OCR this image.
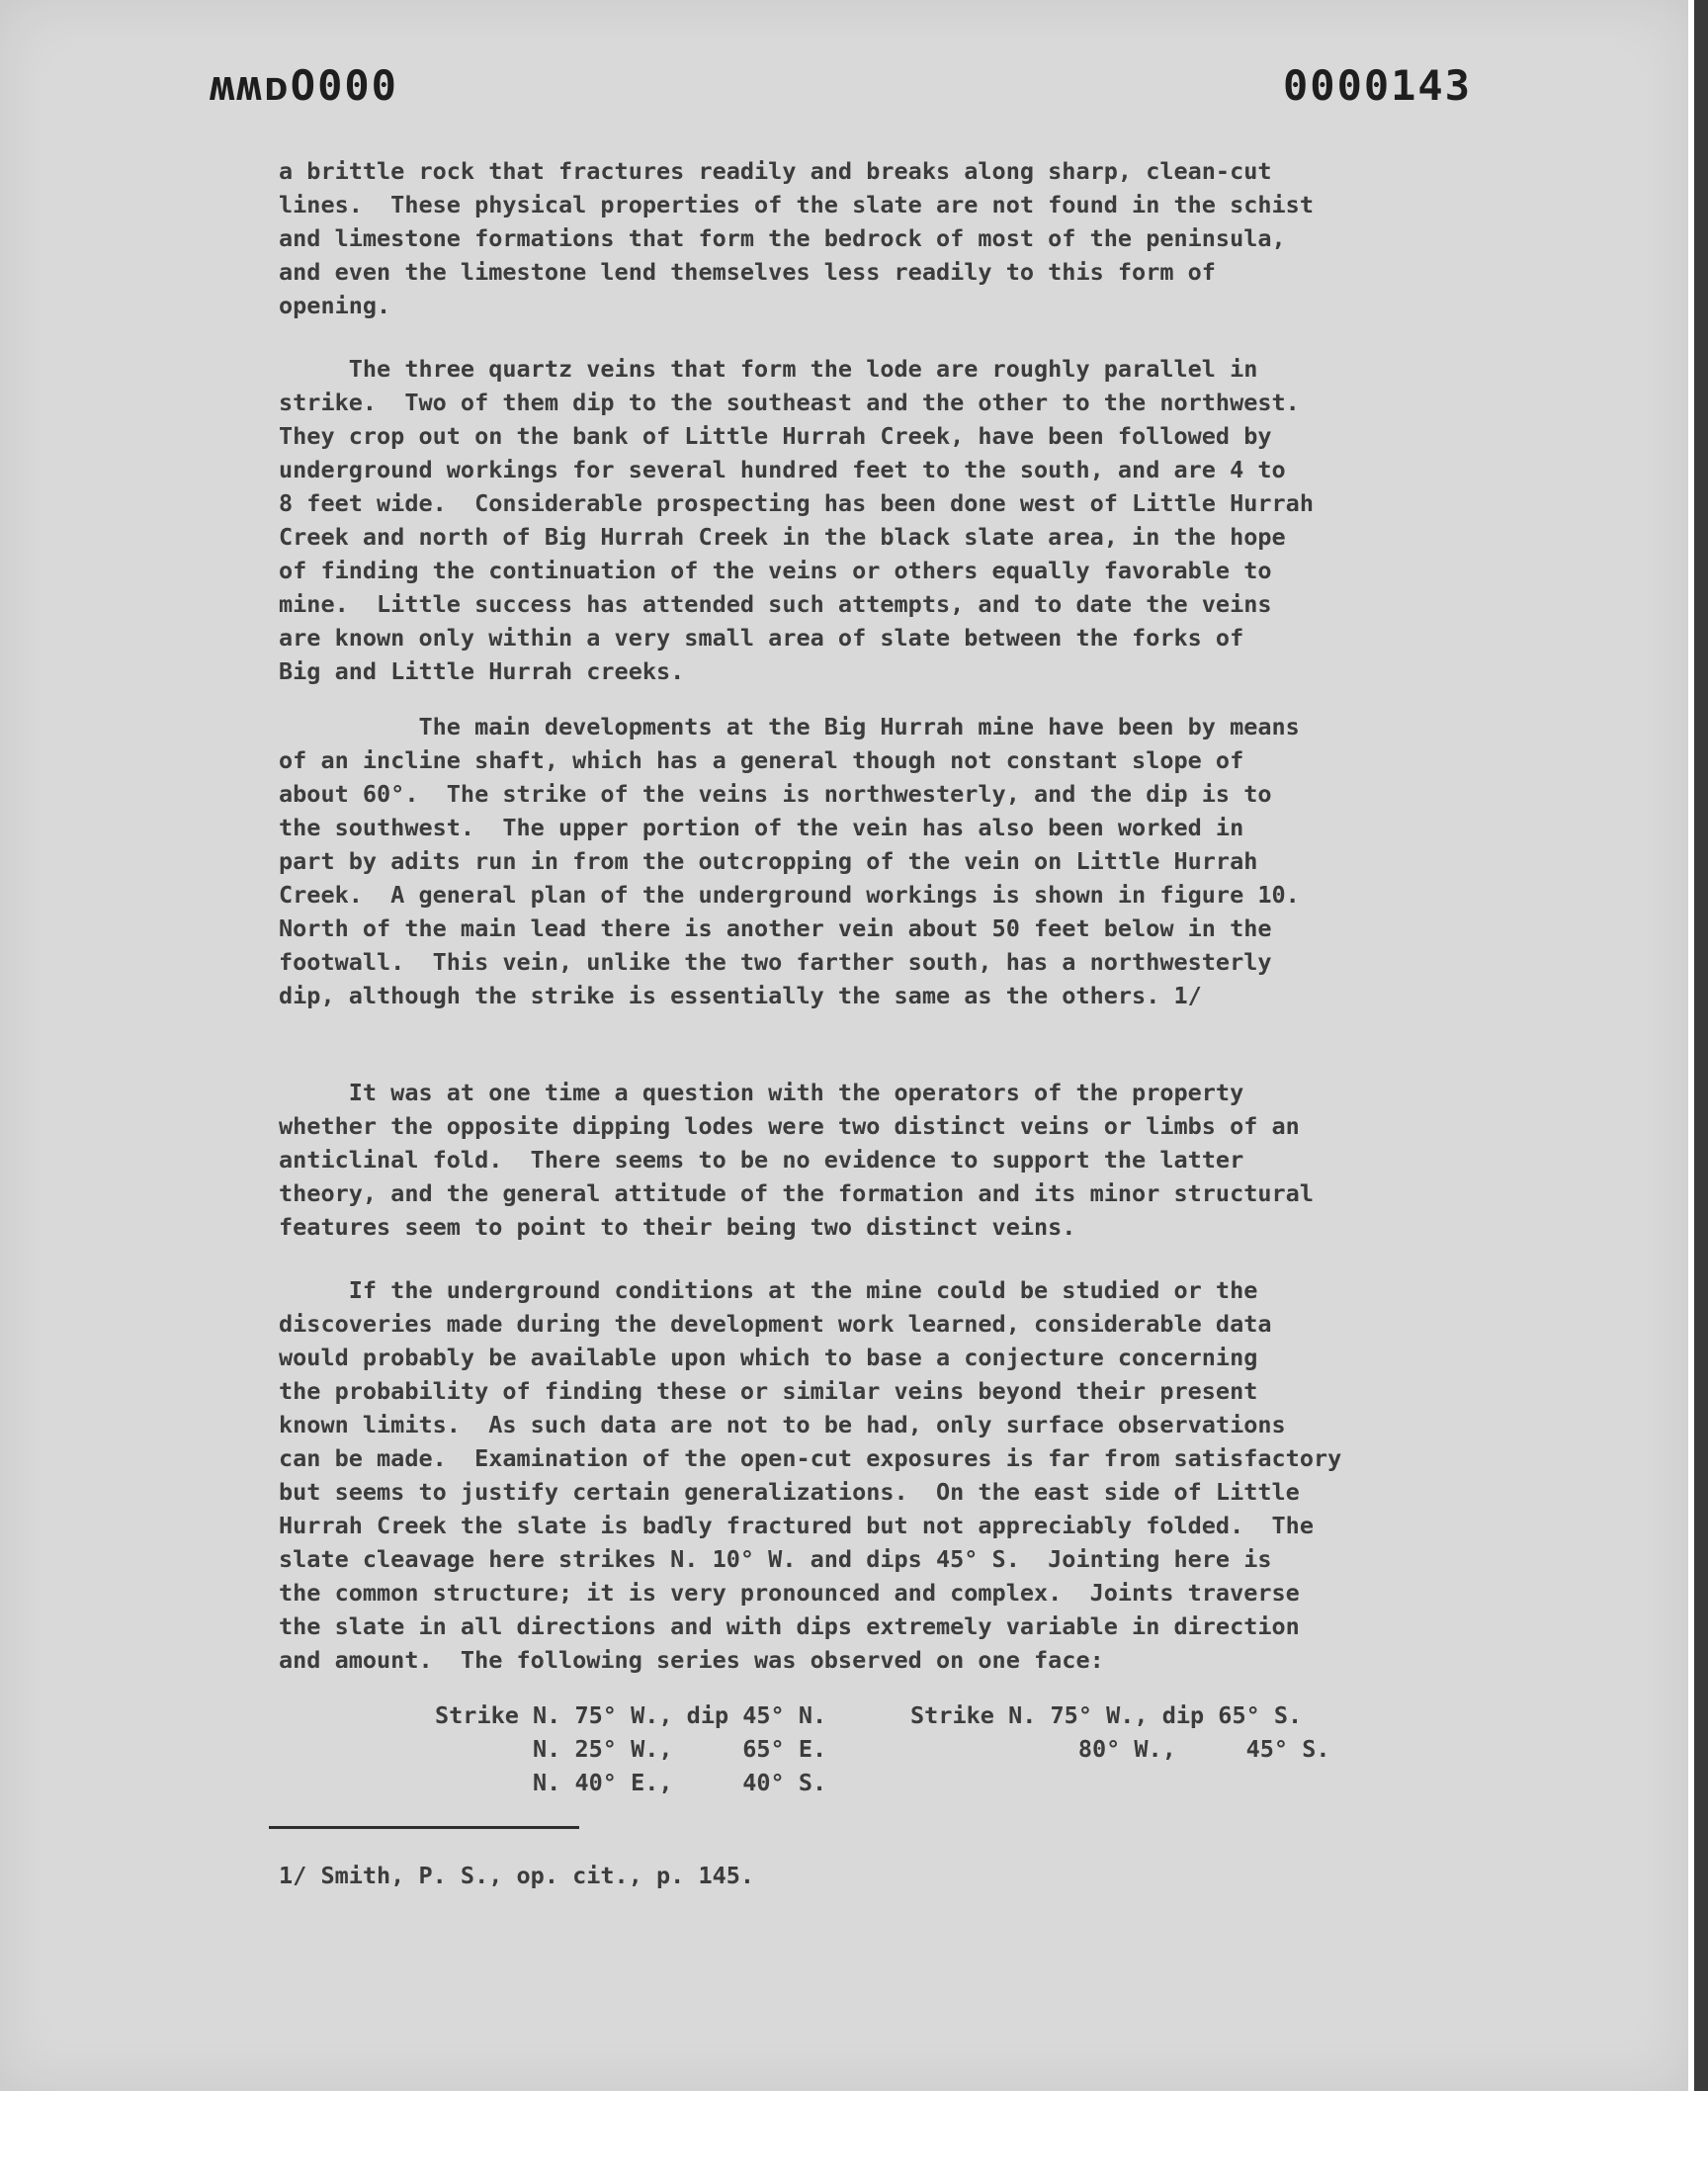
ʍʍᴅO000	0000143
a brittle rock that fractures readily and breaks along sharp, clean-cut
lines.  These physical properties of the slate are not found in the schist
and limestone formations that form the bedrock of most of the peninsula,
and even the limestone lend themselves less readily to this form of
opening.
The three quartz veins that form the lode are roughly parallel in
strike.  Two of them dip to the southeast and the other to the northwest.
They crop out on the bank of Little Hurrah Creek, have been followed by
underground workings for several hundred feet to the south, and are 4 to
8 feet wide.  Considerable prospecting has been done west of Little Hurrah
Creek and north of Big Hurrah Creek in the black slate area, in the hope
of finding the continuation of the veins or others equally favorable to
mine.  Little success has attended such attempts, and to date the veins
are known only within a very small area of slate between the forks of
Big and Little Hurrah creeks.
The main developments at the Big Hurrah mine have been by means
of an incline shaft, which has a general though not constant slope of
about 60°.  The strike of the veins is northwesterly, and the dip is to
the southwest.  The upper portion of the vein has also been worked in
part by adits run in from the outcropping of the vein on Little Hurrah
Creek.  A general plan of the underground workings is shown in figure 10.
North of the main lead there is another vein about 50 feet below in the
footwall.  This vein, unlike the two farther south, has a northwesterly
dip, although the strike is essentially the same as the others. 1/
It was at one time a question with the operators of the property
whether the opposite dipping lodes were two distinct veins or limbs of an
anticlinal fold.  There seems to be no evidence to support the latter
theory, and the general attitude of the formation and its minor structural
features seem to point to their being two distinct veins.
If the underground conditions at the mine could be studied or the
discoveries made during the development work learned, considerable data
would probably be available upon which to base a conjecture concerning
the probability of finding these or similar veins beyond their present
known limits.  As such data are not to be had, only surface observations
can be made.  Examination of the open-cut exposures is far from satisfactory
but seems to justify certain generalizations.  On the east side of Little
Hurrah Creek the slate is badly fractured but not appreciably folded.  The
slate cleavage here strikes N. 10° W. and dips 45° S.  Jointing here is
the common structure; it is very pronounced and complex.  Joints traverse
the slate in all directions and with dips extremely variable in direction
and amount.  The following series was observed on one face:
Strike N. 75° W., dip 45° N.      Strike N. 75° W., dip 65° S.
N. 25° W.,     65° E.                  80° W.,     45° S.
N. 40° E.,     40° S.
1/ Smith, P. S., op. cit., p. 145.
